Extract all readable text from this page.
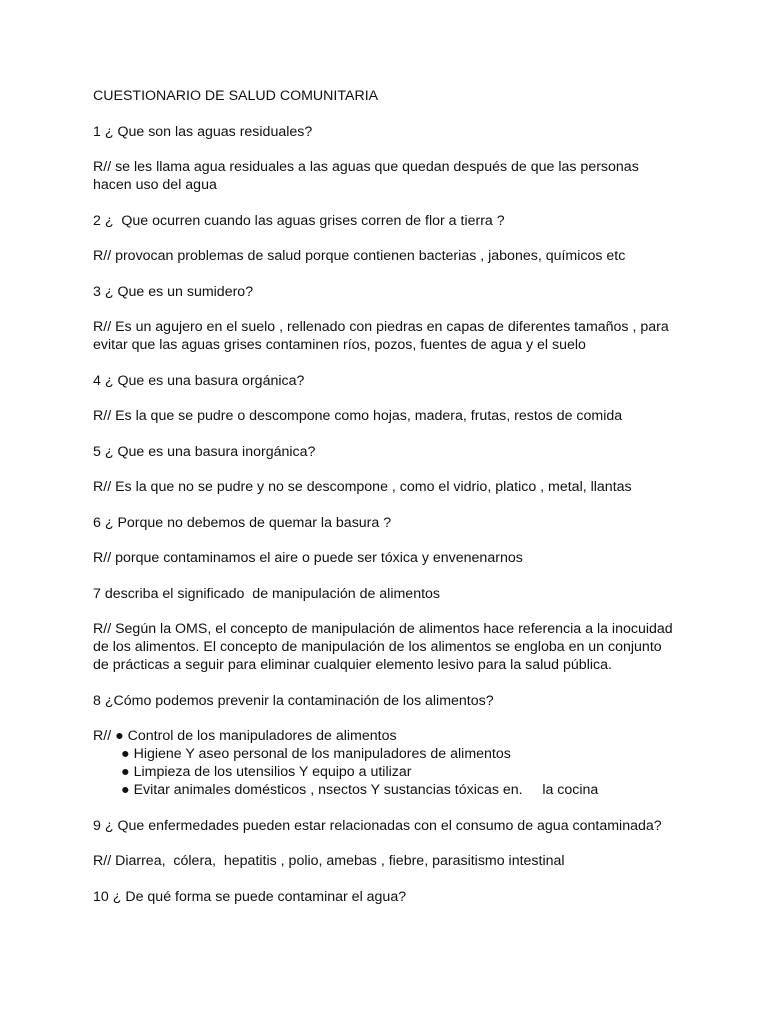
CUESTIONARIO DE SALUD COMUNITARIA

1 ¿ Que son las aguas residuales?

R// se les llama agua residuales a las aguas que quedan después de que las personas
hacen uso del agua

2 ¿  Que ocurren cuando las aguas grises corren de flor a tierra ?

R// provocan problemas de salud porque contienen bacterias , jabones, químicos etc

3 ¿ Que es un sumidero?

R// Es un agujero en el suelo , rellenado con piedras en capas de diferentes tamaños , para
evitar que las aguas grises contaminen ríos, pozos, fuentes de agua y el suelo

4 ¿ Que es una basura orgánica?

R// Es la que se pudre o descompone como hojas, madera, frutas, restos de comida

5 ¿ Que es una basura inorgánica?

R// Es la que no se pudre y no se descompone , como el vidrio, platico , metal, llantas

6 ¿ Porque no debemos de quemar la basura ?

R// porque contaminamos el aire o puede ser tóxica y envenenarnos

7 describa el significado  de manipulación de alimentos

R// Según la OMS, el concepto de manipulación de alimentos hace referencia a la inocuidad
de los alimentos. El concepto de manipulación de los alimentos se engloba en un conjunto
de prácticas a seguir para eliminar cualquier elemento lesivo para la salud pública.

8 ¿Cómo podemos prevenir la contaminación de los alimentos?

R// ● Control de los manipuladores de alimentos

● Higiene Y aseo personal de los manipuladores de alimentos
● Limpieza de los utensilios Y equipo a utilizar
● Evitar animales domésticos , nsectos Y sustancias tóxicas en.     la cocina

9 ¿ Que enfermedades pueden estar relacionadas con el consumo de agua contaminada?

R// Diarrea,  cólera,  hepatitis , polio, amebas , fiebre, parasitismo intestinal

10 ¿ De qué forma se puede contaminar el agua?
